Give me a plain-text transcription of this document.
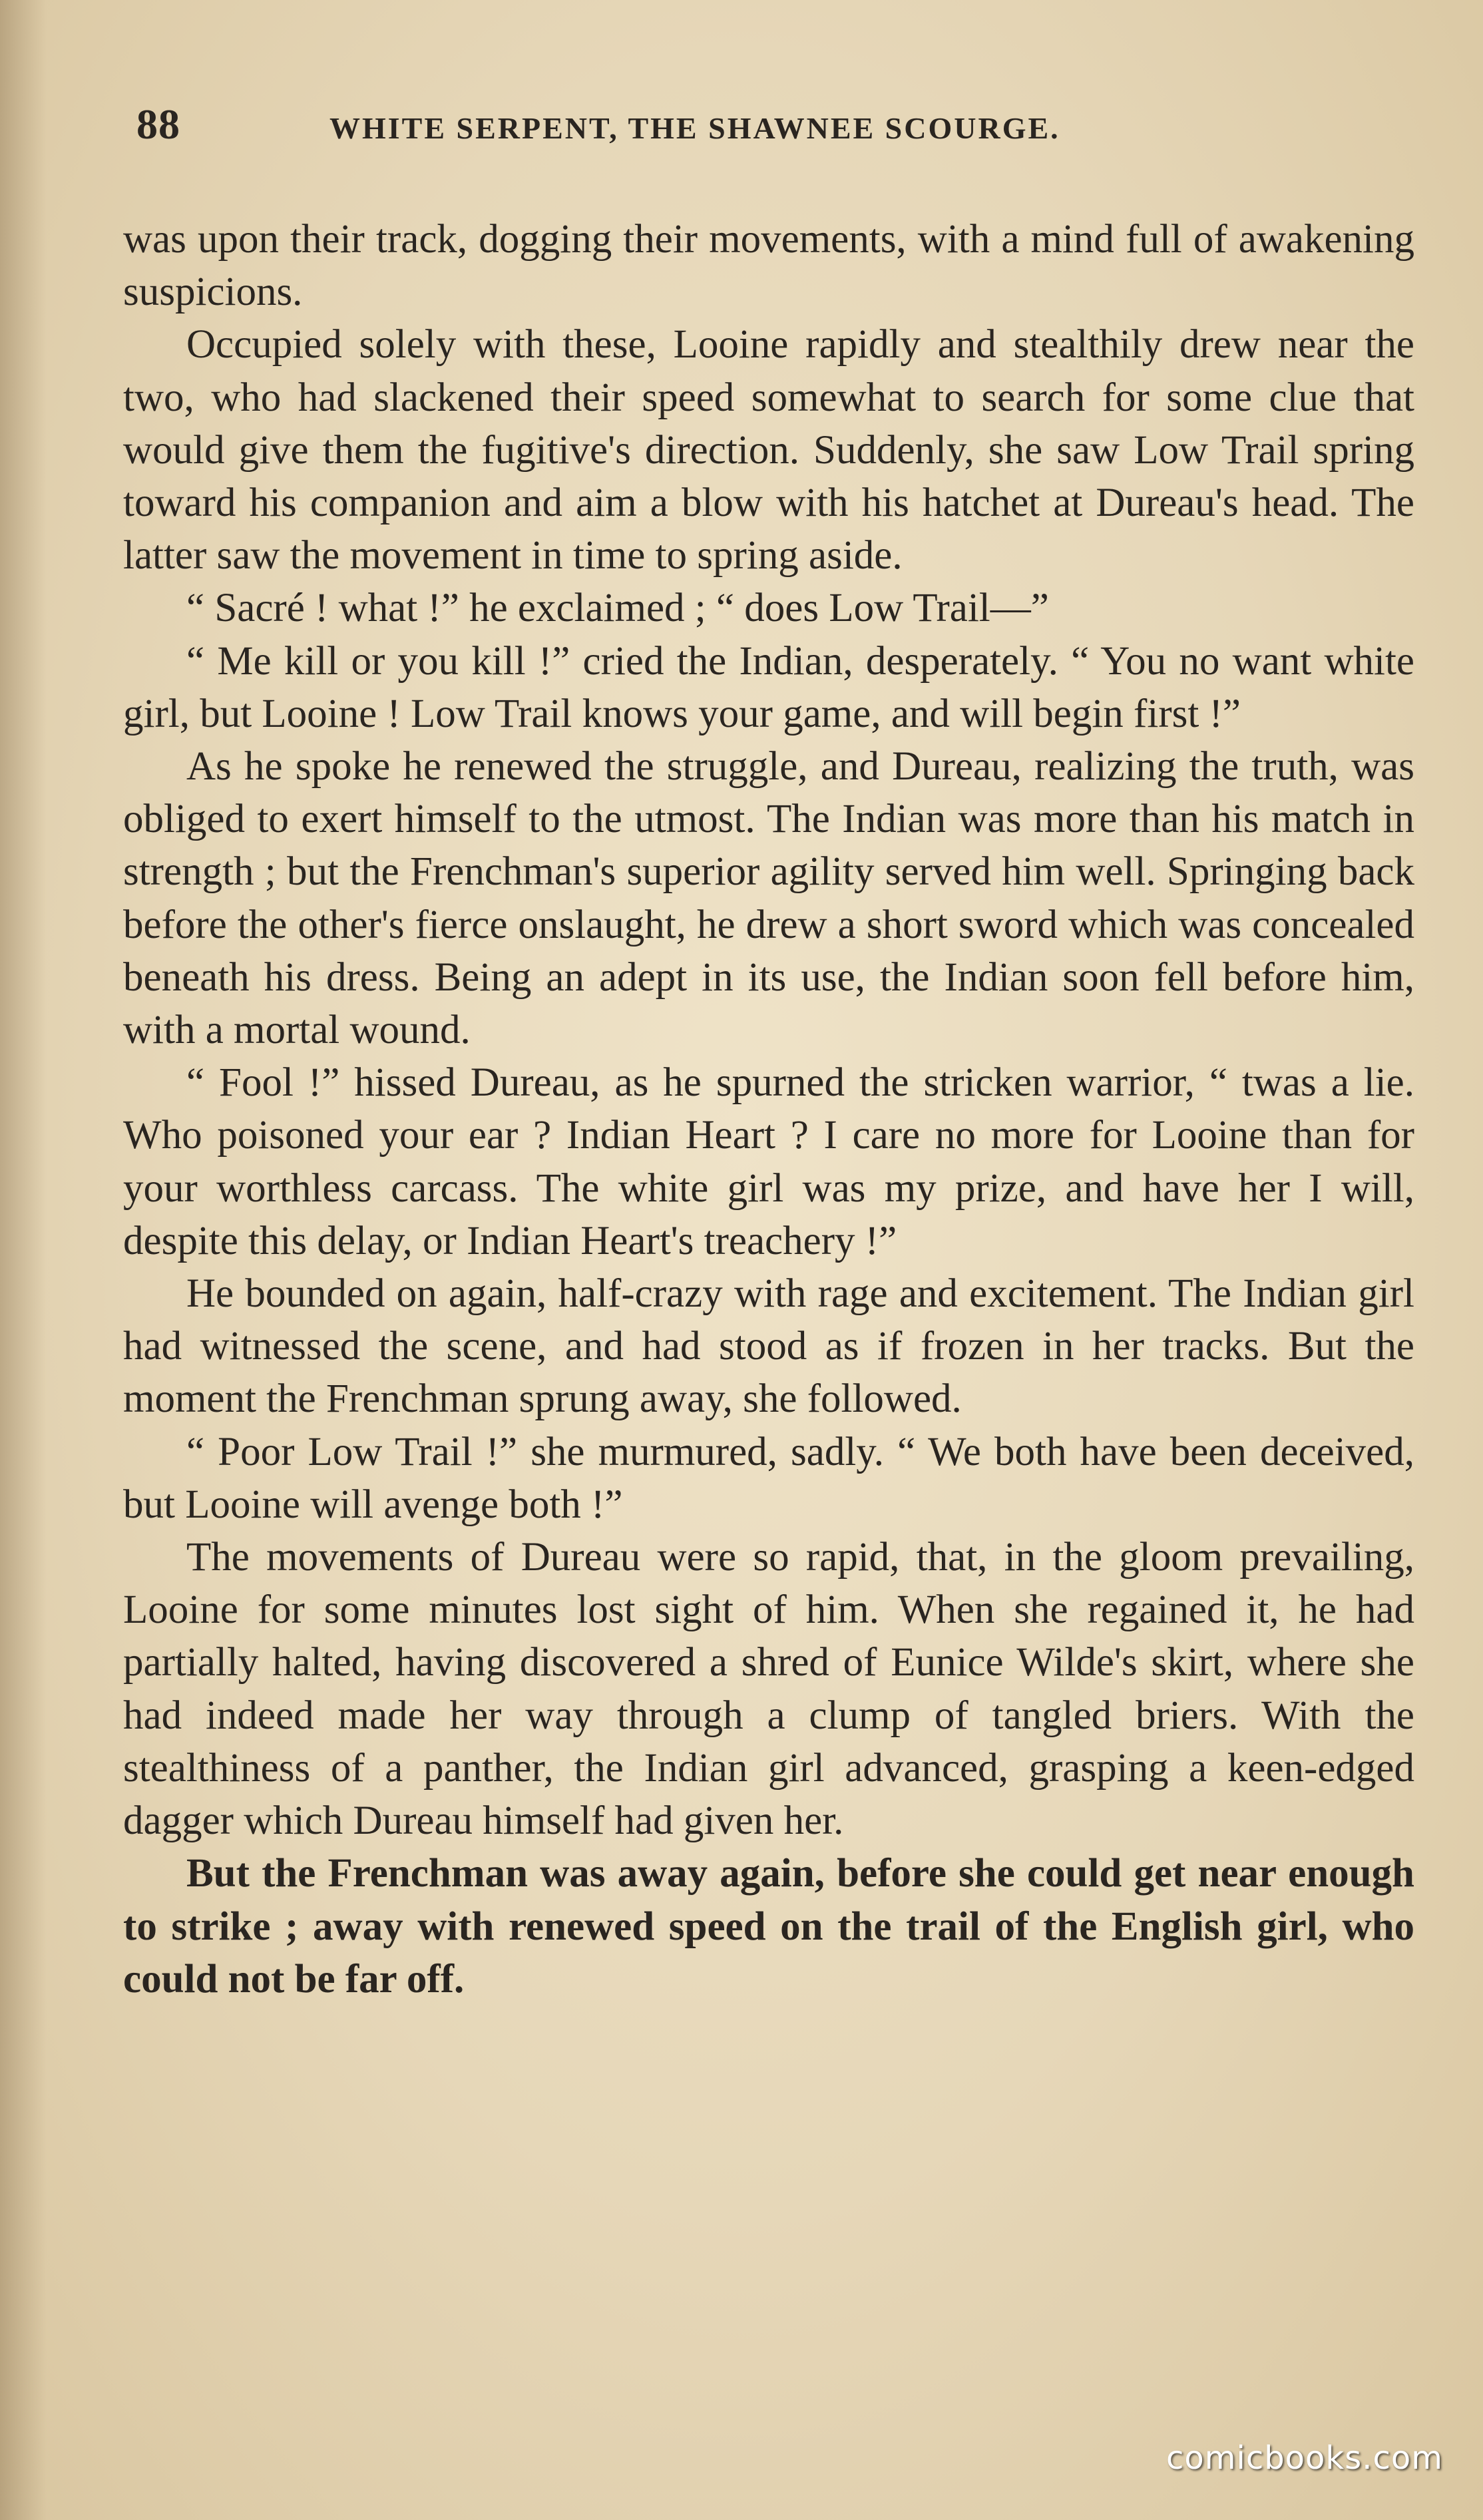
88	WHITE SERPENT, THE SHAWNEE SCOURGE.

was upon their track, dogging their movements, with a mind full of awakening suspicions.

Occupied solely with these, Looine rapidly and stealthily drew near the two, who had slackened their speed somewhat to search for some clue that would give them the fugitive's direction. Suddenly, she saw Low Trail spring toward his companion and aim a blow with his hatchet at Dureau's head. The latter saw the movement in time to spring aside.

“ Sacré ! what !” he exclaimed ; “ does Low Trail—”

“ Me kill or you kill !” cried the Indian, desperately. “ You no want white girl, but Looine ! Low Trail knows your game, and will begin first !”

As he spoke he renewed the struggle, and Dureau, realizing the truth, was obliged to exert himself to the utmost. The Indian was more than his match in strength ; but the Frenchman's superior agility served him well. Springing back before the other's fierce onslaught, he drew a short sword which was concealed beneath his dress. Being an adept in its use, the Indian soon fell before him, with a mortal wound.

“ Fool !” hissed Dureau, as he spurned the stricken warrior, “ twas a lie. Who poisoned your ear ? Indian Heart ? I care no more for Looine than for your worthless carcass. The white girl was my prize, and have her I will, despite this delay, or Indian Heart's treachery !”

He bounded on again, half-crazy with rage and excitement. The Indian girl had witnessed the scene, and had stood as if frozen in her tracks. But the moment the Frenchman sprung away, she followed.

“ Poor Low Trail !” she murmured, sadly. “ We both have been deceived, but Looine will avenge both !”

The movements of Dureau were so rapid, that, in the gloom prevailing, Looine for some minutes lost sight of him. When she regained it, he had partially halted, having discovered a shred of Eunice Wilde's skirt, where she had indeed made her way through a clump of tangled briers. With the stealthiness of a panther, the Indian girl advanced, grasping a keen-edged dagger which Dureau himself had given her.

But the Frenchman was away again, before she could get near enough to strike ; away with renewed speed on the trail of the English girl, who could not be far off.

comicbooks.com
